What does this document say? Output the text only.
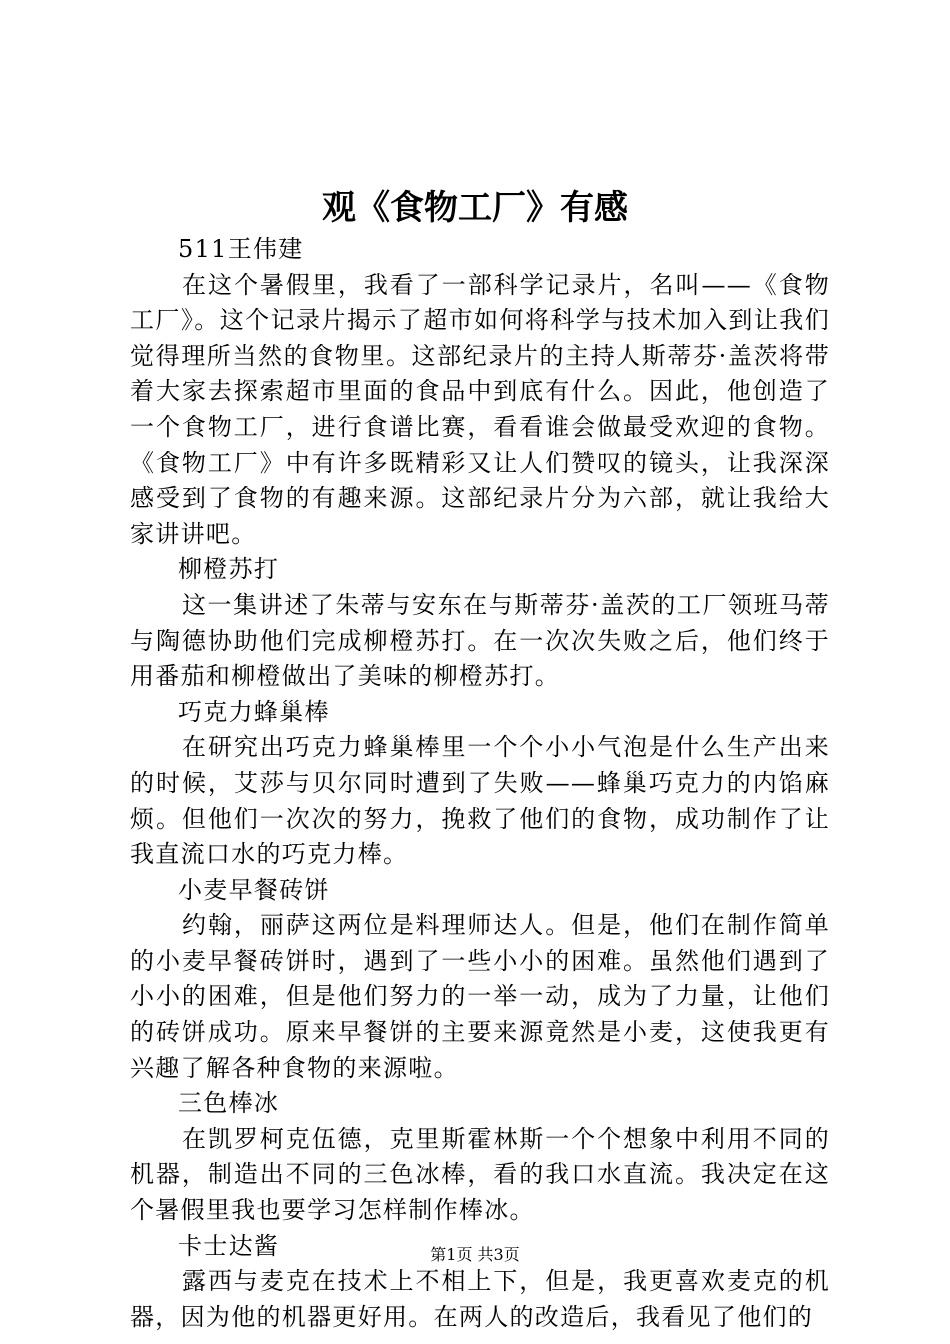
观《食物工厂》有感

511王伟建

在这个暑假里，我看了一部科学记录片，名叫——《食物工厂》。这个记录片揭示了超市如何将科学与技术加入到让我们觉得理所当然的食物里。这部纪录片的主持人斯蒂芬·盖茨将带着大家去探索超市里面的食品中到底有什么。因此，他创造了一个食物工厂，进行食谱比赛，看看谁会做最受欢迎的食物。《食物工厂》中有许多既精彩又让人们赞叹的镜头，让我深深感受到了食物的有趣来源。这部纪录片分为六部，就让我给大家讲讲吧。

柳橙苏打

这一集讲述了朱蒂与安东在与斯蒂芬·盖茨的工厂领班马蒂与陶德协助他们完成柳橙苏打。在一次次失败之后，他们终于用番茄和柳橙做出了美味的柳橙苏打。

巧克力蜂巢棒

在研究出巧克力蜂巢棒里一个个小小气泡是什么生产出来的时候，艾莎与贝尔同时遭到了失败——蜂巢巧克力的内馅麻烦。但他们一次次的努力，挽救了他们的食物，成功制作了让我直流口水的巧克力棒。

小麦早餐砖饼

约翰，丽萨这两位是料理师达人。但是，他们在制作简单的小麦早餐砖饼时，遇到了一些小小的困难。虽然他们遇到了小小的困难，但是他们努力的一举一动，成为了力量，让他们的砖饼成功。原来早餐饼的主要来源竟然是小麦，这使我更有兴趣了解各种食物的来源啦。

三色棒冰

在凯罗柯克伍德，克里斯霍林斯一个个想象中利用不同的机器，制造出不同的三色冰棒，看的我口水直流。我决定在这个暑假里我也要学习怎样制作棒冰。

卡士达酱

露西与麦克在技术上不相上下，但是，我更喜欢麦克的机器，因为他的机器更好用。在两人的改造后，我看见了他们的

第1页 共3页
